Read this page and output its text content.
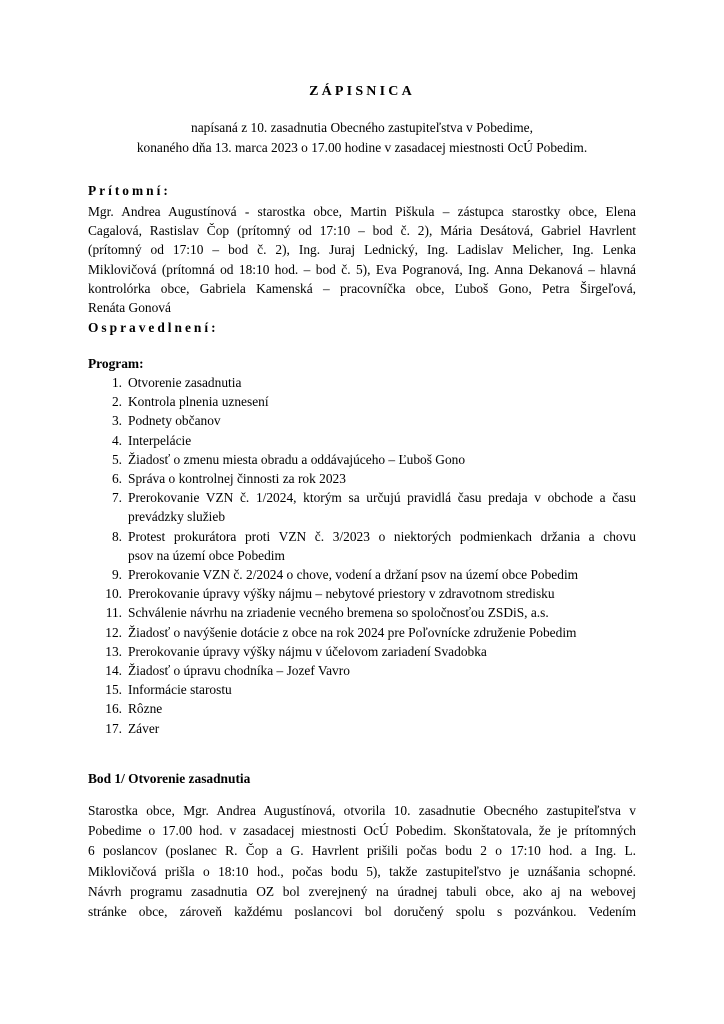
ZÁPISNICA
napísaná z 10. zasadnutia Obecného zastupiteľstva v Pobedime,
konaného dňa 13. marca 2023 o 17.00 hodine v zasadacej miestnosti OcÚ Pobedim.
Prítomní:
Mgr. Andrea Augustínová - starostka obce, Martin Piškula – zástupca starostky obce, Elena
Cagalová, Rastislav Čop (prítomný od 17:10 – bod č. 2), Mária Desátová, Gabriel Havrlent
(prítomný od 17:10 – bod č. 2), Ing. Juraj Lednický, Ing. Ladislav Melicher, Ing. Lenka
Miklovičová (prítomná od 18:10 hod. – bod č. 5), Eva Pogranová, Ing. Anna Dekanová – hlavná
kontrolórka obce, Gabriela Kamenská – pracovníčka obce, Ľuboš Gono, Petra Širgeľová,
Renáta Gonová
Ospravedlnení:
Program:
1. Otvorenie zasadnutia
2. Kontrola plnenia uznesení
3. Podnety občanov
4. Interpelácie
5. Žiadosť o zmenu miesta obradu a oddávajúceho – Ľuboš Gono
6. Správa o kontrolnej činnosti za rok 2023
7. Prerokovanie VZN č. 1/2024, ktorým sa určujú pravidlá času predaja v obchode a času
prevádzky služieb
8. Protest prokurátora proti VZN č. 3/2023 o niektorých podmienkach držania a chovu
psov na území obce Pobedim
9. Prerokovanie VZN č. 2/2024 o chove, vodení a držaní psov na území obce Pobedim
10. Prerokovanie úpravy výšky nájmu – nebytové priestory v zdravotnom stredisku
11. Schválenie návrhu na zriadenie vecného bremena so spoločnosťou ZSDiS, a.s.
12. Žiadosť o navýšenie dotácie z obce na rok 2024 pre Poľovnícke združenie Pobedim
13. Prerokovanie úpravy výšky nájmu v účelovom zariadení Svadobka
14. Žiadosť o úpravu chodníka – Jozef Vavro
15. Informácie starostu
16. Rôzne
17. Záver
Bod 1/ Otvorenie zasadnutia
Starostka obce, Mgr. Andrea Augustínová, otvorila 10. zasadnutie Obecného zastupiteľstva v
Pobedime o 17.00 hod. v zasadacej miestnosti OcÚ Pobedim. Skonštatovala, že je prítomných
6 poslancov (poslanec R. Čop a G. Havrlent prišili počas bodu 2 o 17:10 hod. a Ing. L.
Miklovičová prišla o 18:10 hod., počas bodu 5), takže zastupiteľstvo je uznášania schopné.
Návrh programu zasadnutia OZ bol zverejnený na úradnej tabuli obce, ako aj na webovej
stránke obce, zároveň každému poslancovi bol doručený spolu s pozvánkou. Vedením
